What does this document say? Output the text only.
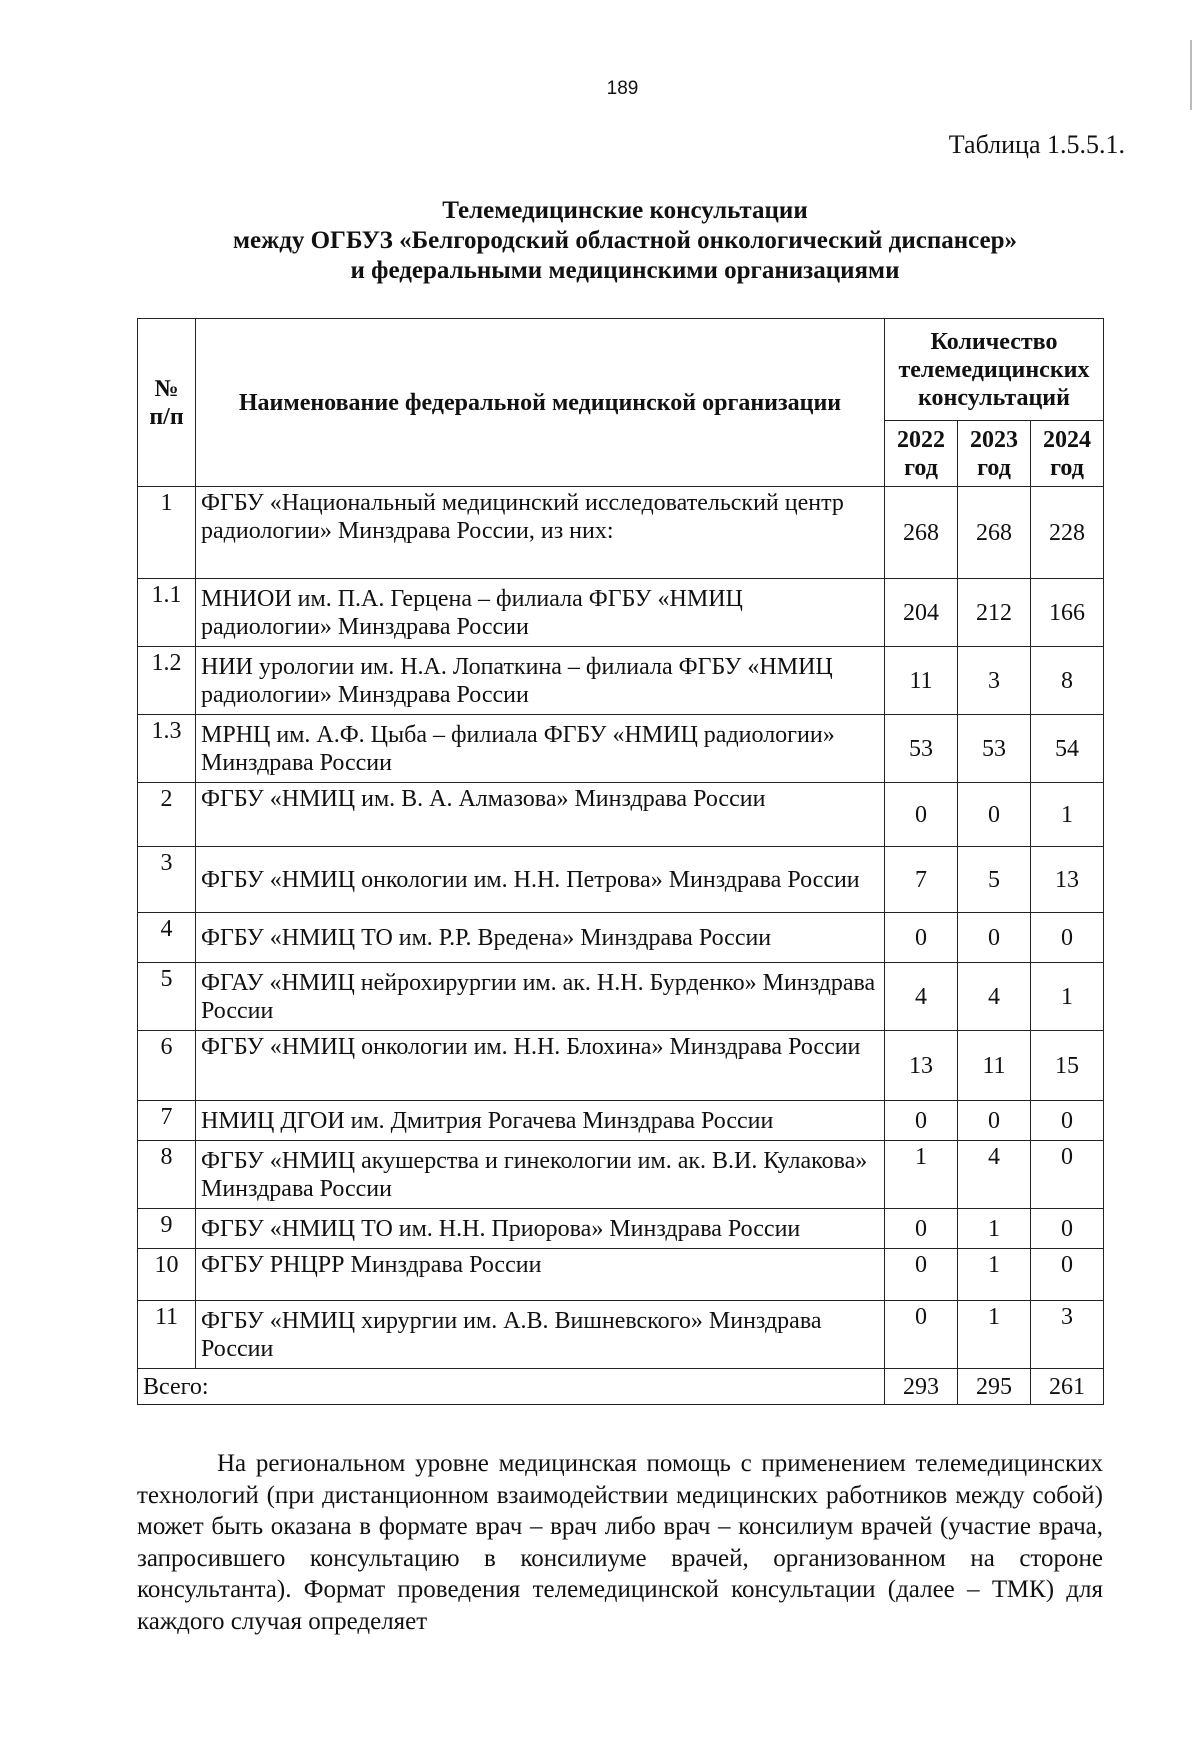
189
Таблица 1.5.5.1.
Телемедицинские консультации
между ОГБУЗ «Белгородский областной онкологический диспансер»
и федеральными медицинскими организациями
№ п/п	Наименование федеральной медицинской организации	Количество телемедицинских консультаций		
		2022 год	2023 год	2024 год
1	ФГБУ «Национальный медицинский исследовательский центр радиологии» Минздрава России, из них:	268	268	228
1.1	МНИОИ им. П.А. Герцена – филиала ФГБУ «НМИЦ радиологии» Минздрава России	204	212	166
1.2	НИИ урологии им. Н.А. Лопаткина – филиала ФГБУ «НМИЦ радиологии» Минздрава России	11	3	8
1.3	МРНЦ им. А.Ф. Цыба – филиала ФГБУ «НМИЦ радиологии» Минздрава России	53	53	54
2	ФГБУ «НМИЦ им. В. А. Алмазова» Минздрава России	0	0	1
3	ФГБУ «НМИЦ онкологии им. Н.Н. Петрова» Минздрава России	7	5	13
4	ФГБУ «НМИЦ ТО им. Р.Р. Вредена» Минздрава России	0	0	0
5	ФГАУ «НМИЦ нейрохирургии им. ак. Н.Н. Бурденко» Минздрава России	4	4	1
6	ФГБУ «НМИЦ онкологии им. Н.Н. Блохина» Минздрава России	13	11	15
7	НМИЦ ДГОИ им. Дмитрия Рогачева Минздрава России	0	0	0
8	ФГБУ «НМИЦ акушерства и гинекологии им. ак. В.И. Кулакова» Минздрава России	1	4	0
9	ФГБУ «НМИЦ ТО им. Н.Н. Приорова» Минздрава России	0	1	0
10	ФГБУ РНЦРР Минздрава России	0	1	0
11	ФГБУ «НМИЦ хирургии им. А.В. Вишневского» Минздрава России	0	1	3
Всего:		293	295	261
На региональном уровне медицинская помощь с применением телемедицинских технологий (при дистанционном взаимодействии медицинских работников между собой) может быть оказана в формате врач – врач либо врач – консилиум врачей (участие врача, запросившего консультацию в консилиуме врачей, организованном на стороне консультанта). Формат проведения телемедицинской консультации (далее – ТМК) для каждого случая определяет
